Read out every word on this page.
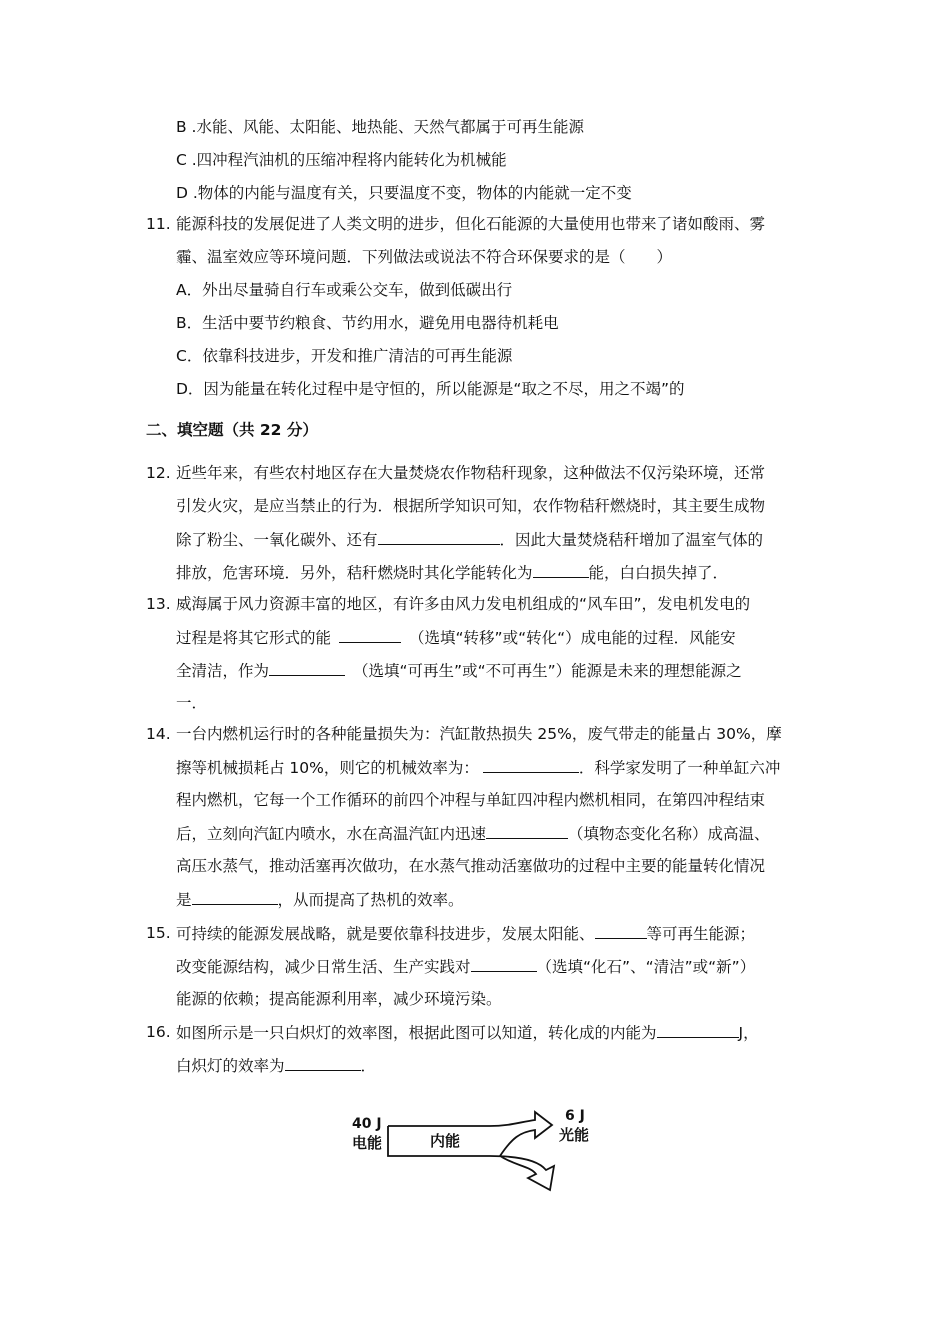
B .水能、风能、太阳能、地热能、天然气都属于可再生能源
C .四冲程汽油机的压缩冲程将内能转化为机械能
D .物体的内能与温度有关，只要温度不变，物体的内能就一定不变
11. 能源科技的发展促进了人类文明的进步，但化石能源的大量使用也带来了诸如酸雨、雾
霾、温室效应等环境问题．下列做法或说法不符合环保要求的是（　　）
A．外出尽量骑自行车或乘公交车，做到低碳出行
B．生活中要节约粮食、节约用水，避免用电器待机耗电
C．依靠科技进步，开发和推广清洁的可再生能源
D．因为能量在转化过程中是守恒的，所以能源是“取之不尽，用之不竭”的
二、填空题（共 22 分）
12. 近些年来，有些农村地区存在大量焚烧农作物秸秆现象，这种做法不仅污染环境，还常
引发火灾，是应当禁止的行为．根据所学知识可知，农作物秸秆燃烧时，其主要生成物
除了粉尘、一氧化碳外、还有	．因此大量焚烧秸秆增加了温室气体的
排放，危害环境．另外，秸秆燃烧时其化学能转化为	能，白白损失掉了．
13. 威海属于风力资源丰富的地区，有许多由风力发电机组成的“风车田”，发电机发电的
过程是将其它形式的能	（选填“转移”或“转化“）成电能的过程．风能安
全清洁，作为	（选填“可再生”或“不可再生”）能源是未来的理想能源之
一．
14. 一台内燃机运行时的各种能量损失为：汽缸散热损失 25%，废气带走的能量占 30%，摩
擦等机械损耗占 10%，则它的机械效率为：	．科学家发明了一种单缸六冲
程内燃机，它每一个工作循环的前四个冲程与单缸四冲程内燃机相同，在第四冲程结束
后，立刻向汽缸内喷水，水在高温汽缸内迅速	（填物态变化名称）成高温、
高压水蒸气，推动活塞再次做功，在水蒸气推动活塞做功的过程中主要的能量转化情况
是	，从而提高了热机的效率。
15. 可持续的能源发展战略，就是要依靠科技进步，发展太阳能、	等可再生能源；
改变能源结构，减少日常生活、生产实践对	（选填“化石”、“清洁”或“新”）
能源的依赖；提高能源利用率，减少环境污染。
16. 如图所示是一只白炽灯的效率图，根据此图可以知道，转化成的内能为	J，
白炽灯的效率为	．
40 J
电能	内能
6 J
光能
